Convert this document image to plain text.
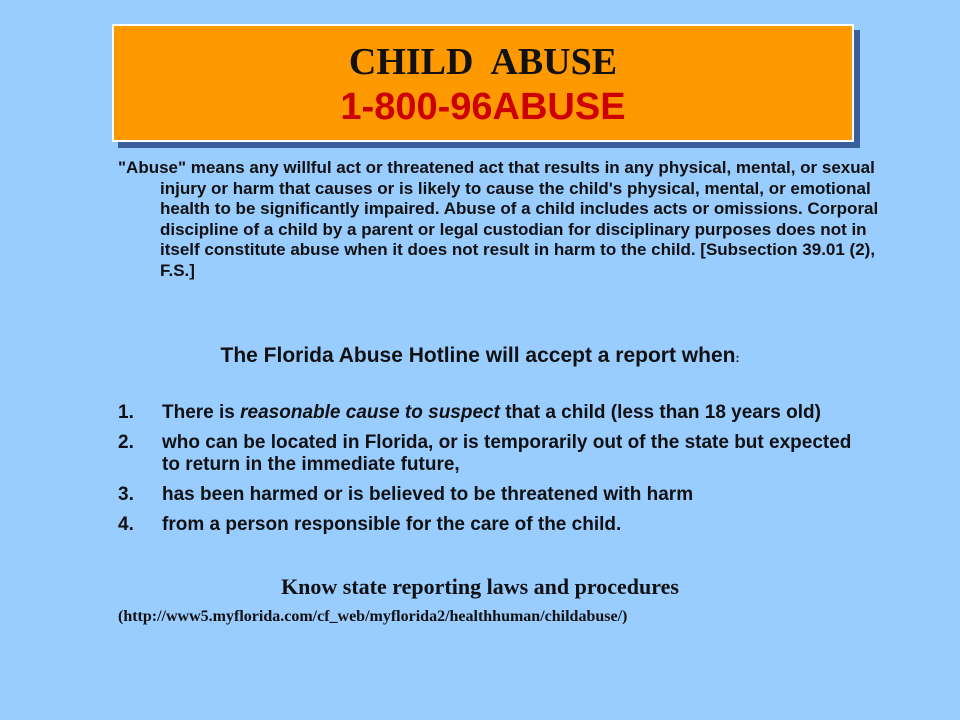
CHILD  ABUSE
1-800-96ABUSE

"Abuse" means any willful act or threatened act that results in any physical, mental, or sexual injury or harm that causes or is likely to cause the child's physical, mental, or emotional health to be significantly impaired. Abuse of a child includes acts or omissions. Corporal discipline of a child by a parent or legal custodian for disciplinary purposes does not in itself constitute abuse when it does not result in harm to the child. [Subsection 39.01 (2), F.S.]

The Florida Abuse Hotline will accept a report when:
1. There is reasonable cause to suspect that a child (less than 18 years old)
2. who can be located in Florida, or is temporarily out of the state but expected to return in the immediate future,
3. has been harmed or is believed to be threatened with harm
4. from a person responsible for the care of the child.
Know state reporting laws and procedures
(http://www5.myflorida.com/cf_web/myflorida2/healthhuman/childabuse/)
